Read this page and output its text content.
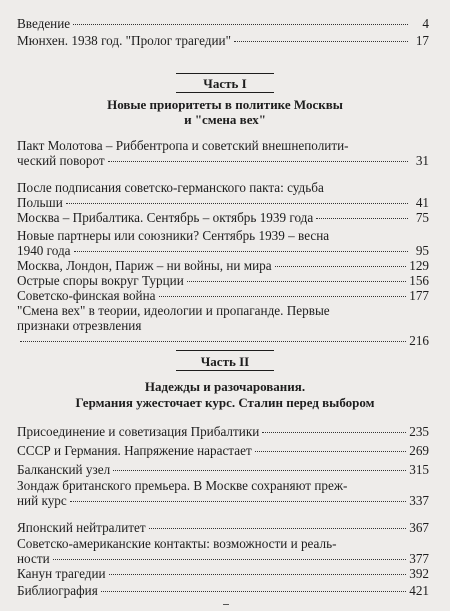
Введение	4
Мюнхен. 1938 год. "Пролог трагедии"	17
Часть I
Новые приоритеты в политике Москвы
и "смена вех"
Пакт Молотова – Риббентропа и советский внешнеполити-
ческий поворот	31
После подписания советско-германского пакта: судьба
Польши	41
Москва – Прибалтика. Сентябрь – октябрь 1939 года	75
Новые партнеры или союзники? Сентябрь 1939 – весна
1940 года	95
Москва, Лондон, Париж – ни войны, ни мира	129
Острые споры вокруг Турции	156
Советско-финская война	177
"Смена вех" в теории, идеологии и пропаганде. Первые
признаки отрезвления
216
Часть II
Надежды и разочарования.
Германия ужесточает курс. Сталин перед выбором
Присоединение и советизация Прибалтики	235
СССР и Германия. Напряжение нарастает	269
Балканский узел	315
Зондаж британского премьера. В Москве сохраняют преж-
ний курс	337
Японский нейтралитет	367
Советско-американские контакты: возможности и реаль-
ности	377
Канун трагедии	392
Библиография	421
